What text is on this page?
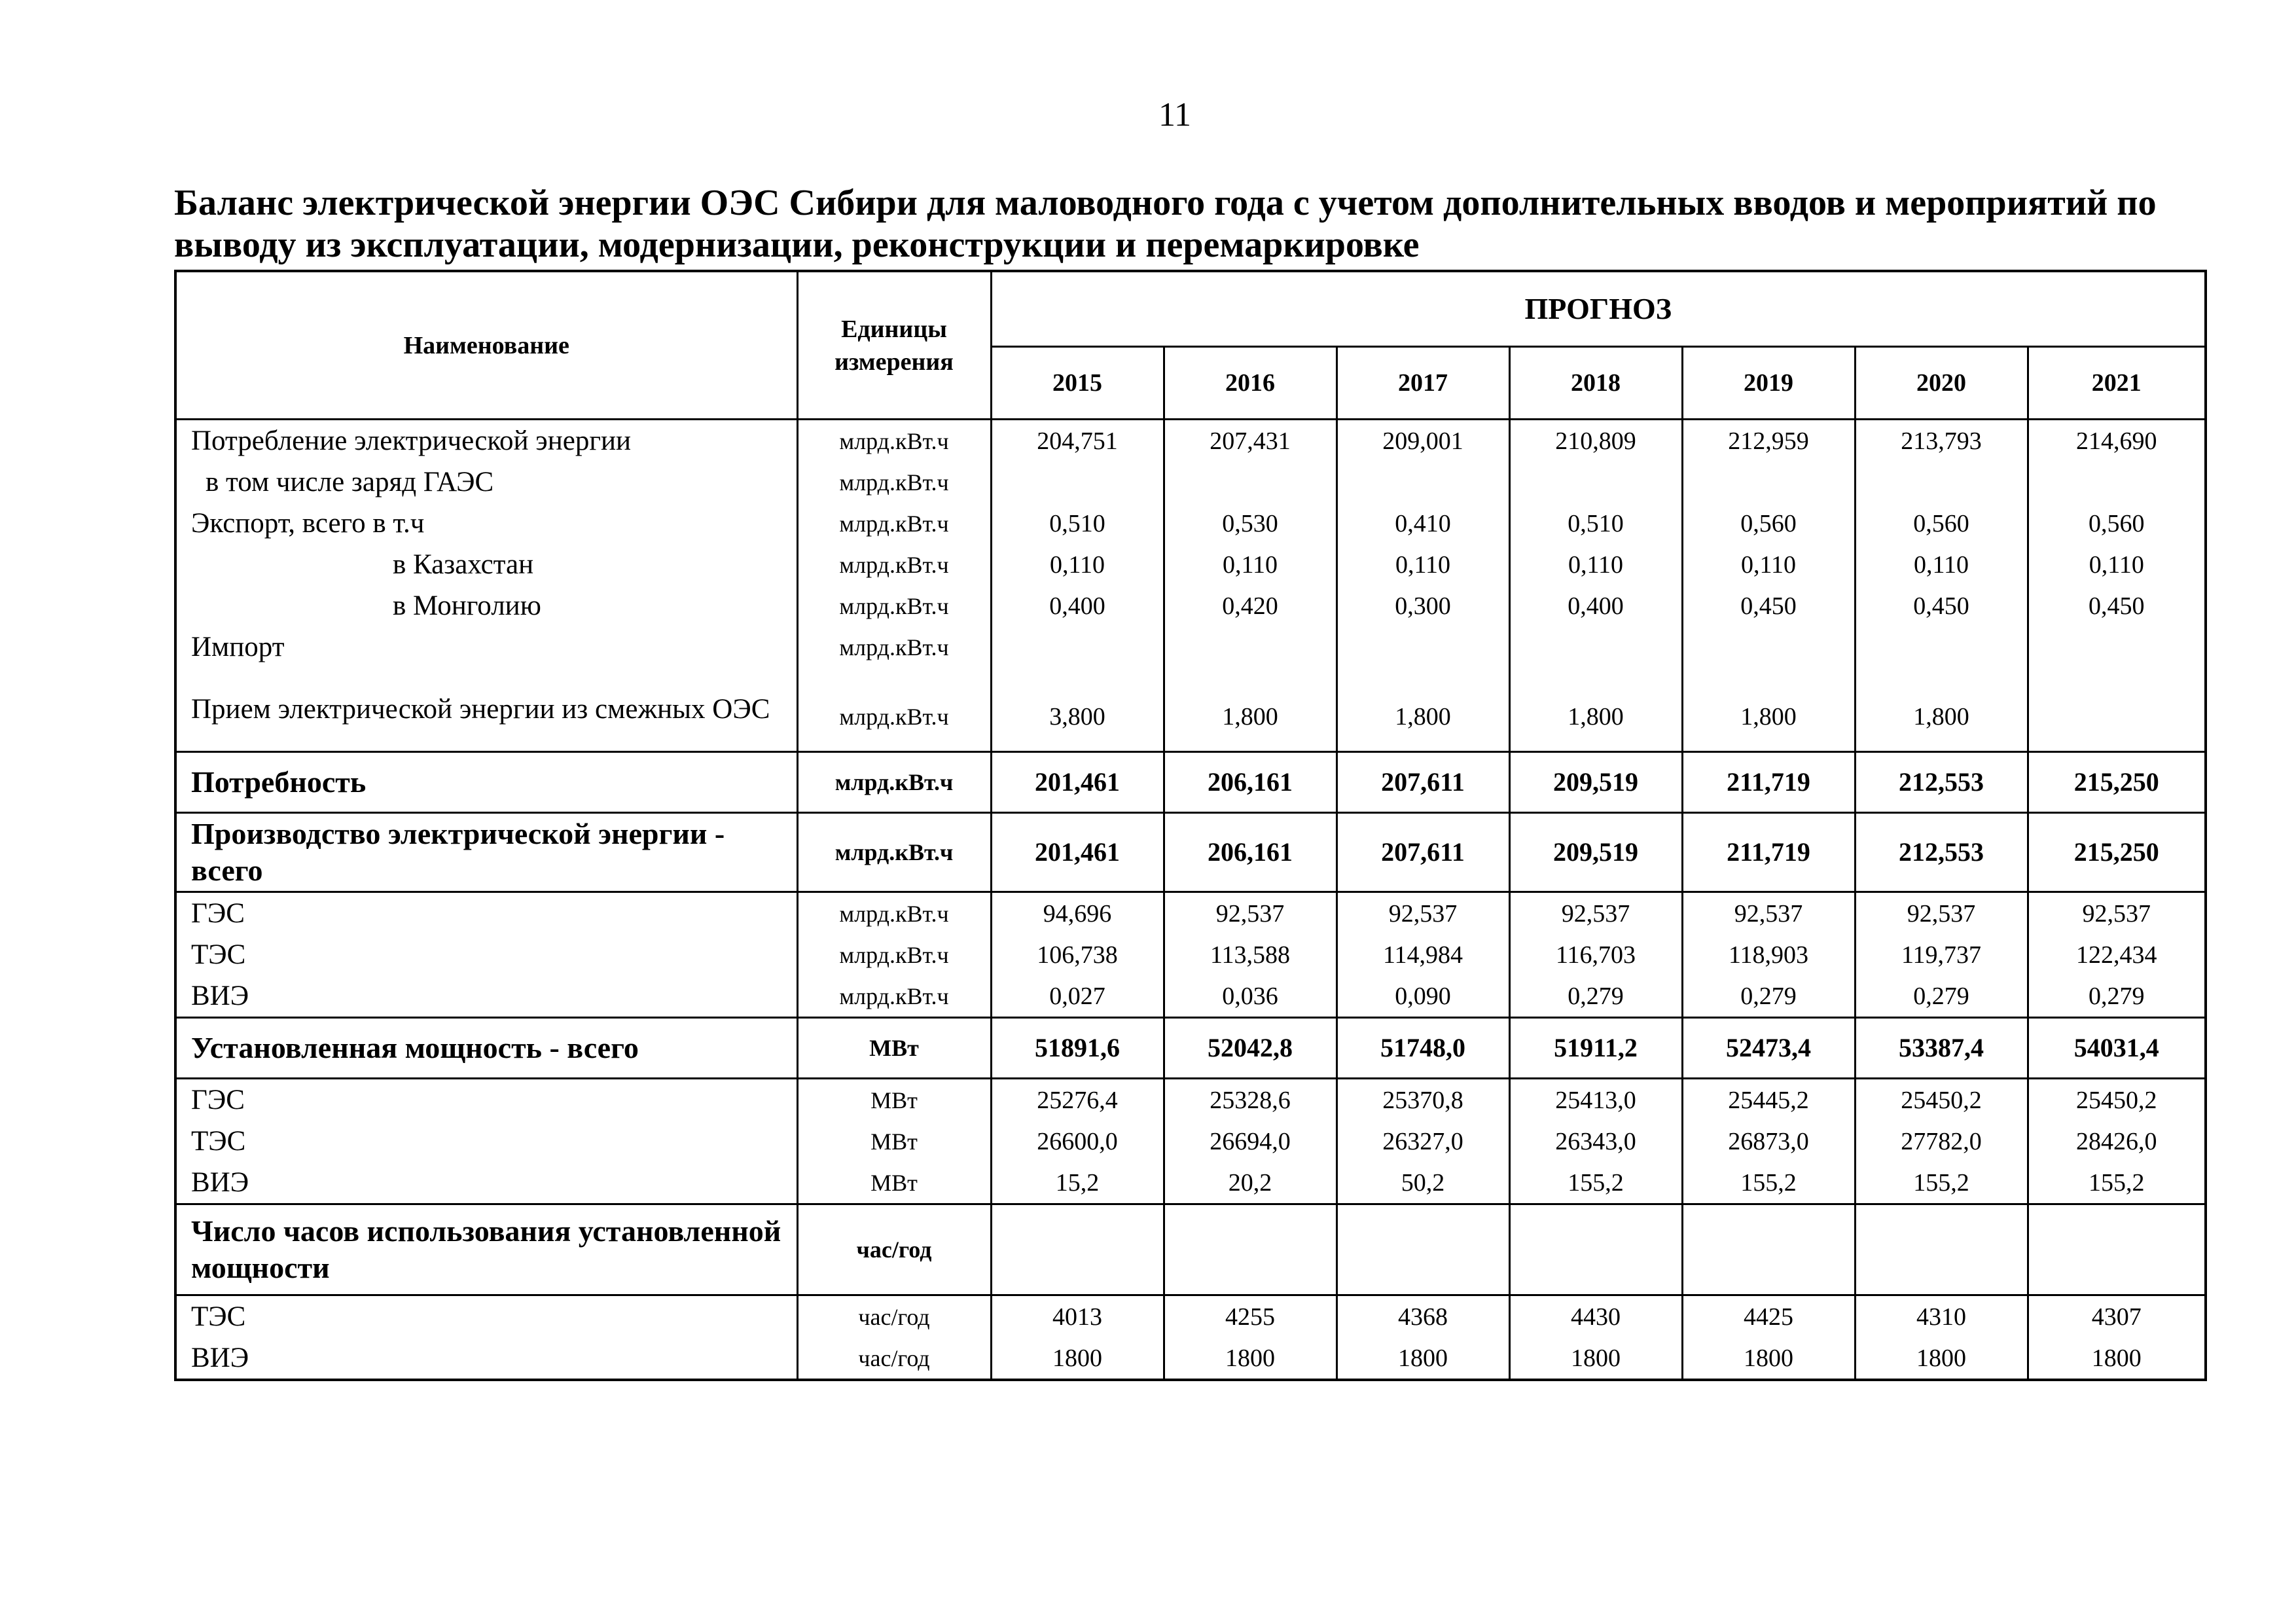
11
Баланс электрической энергии ОЭС Сибири для маловодного года с учетом дополнительных вводов и мероприятий по выводу из эксплуатации, модернизации, реконструкции и перемаркировке
Наименование	Единицы измерения	ПРОГНОЗ						
		2015	2016	2017	2018	2019	2020	2021
Потребление электрической энергии	млрд.кВт.ч	204,751	207,431	209,001	210,809	212,959	213,793	214,690
в том числе заряд ГАЭС	млрд.кВт.ч							
Экспорт, всего в т.ч	млрд.кВт.ч	0,510	0,530	0,410	0,510	0,560	0,560	0,560
в Казахстан	млрд.кВт.ч	0,110	0,110	0,110	0,110	0,110	0,110	0,110
в Монголию	млрд.кВт.ч	0,400	0,420	0,300	0,400	0,450	0,450	0,450
Импорт	млрд.кВт.ч							
Прием электрической энергии из смежных ОЭС	млрд.кВт.ч	3,800	1,800	1,800	1,800	1,800	1,800	
Потребность	млрд.кВт.ч	201,461	206,161	207,611	209,519	211,719	212,553	215,250
Производство электрической энергии - всего	млрд.кВт.ч	201,461	206,161	207,611	209,519	211,719	212,553	215,250
ГЭС	млрд.кВт.ч	94,696	92,537	92,537	92,537	92,537	92,537	92,537
ТЭС	млрд.кВт.ч	106,738	113,588	114,984	116,703	118,903	119,737	122,434
ВИЭ	млрд.кВт.ч	0,027	0,036	0,090	0,279	0,279	0,279	0,279
Установленная мощность - всего	МВт	51891,6	52042,8	51748,0	51911,2	52473,4	53387,4	54031,4
ГЭС	МВт	25276,4	25328,6	25370,8	25413,0	25445,2	25450,2	25450,2
ТЭС	МВт	26600,0	26694,0	26327,0	26343,0	26873,0	27782,0	28426,0
ВИЭ	МВт	15,2	20,2	50,2	155,2	155,2	155,2	155,2
Число часов использования установленной мощности	час/год							
ТЭС	час/год	4013	4255	4368	4430	4425	4310	4307
ВИЭ	час/год	1800	1800	1800	1800	1800	1800	1800
